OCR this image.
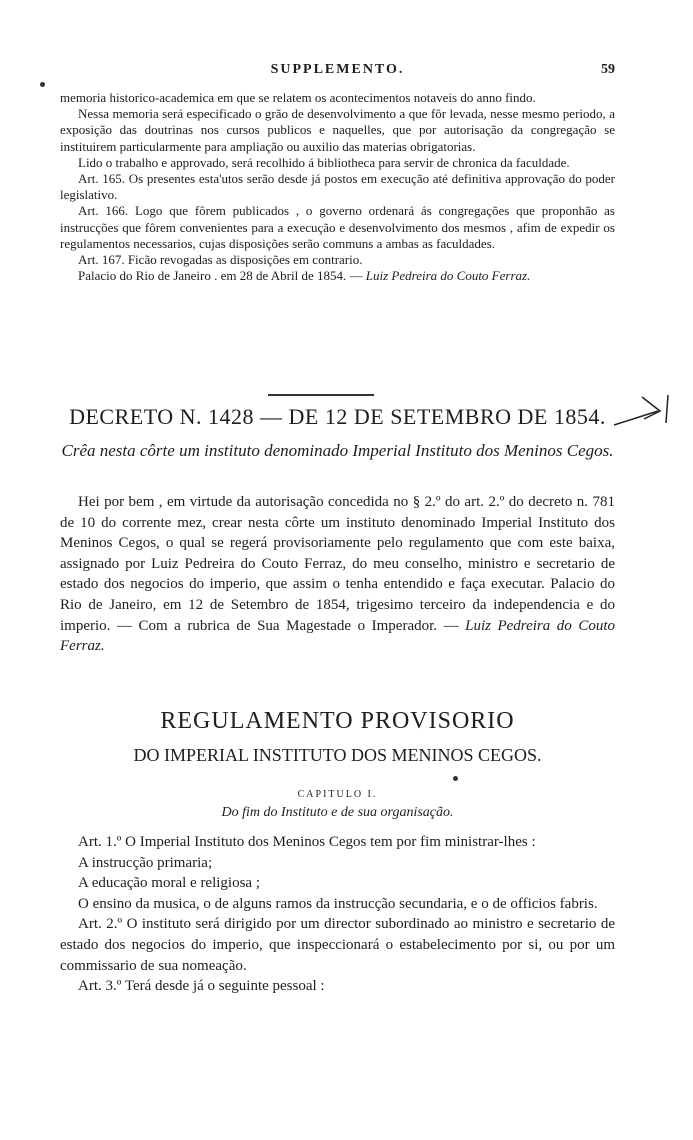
SUPPLEMENTO.	59

memoria historico-academica em que se relatem os acontecimentos notaveis do anno findo.

Nessa memoria será especificado o grão de desenvolvimento a que fôr levada, nesse mesmo periodo, a exposição das doutrinas nos cursos publicos e naquelles, que por autorisação da congregação se instituirem particularmente para ampliação ou auxilio das materias obrigatorias.

Lido o trabalho e approvado, será recolhido á bibliotheca para servir de chronica da faculdade.

Art. 165. Os presentes esta'utos serão desde já postos em execução até definitiva approvação do poder legislativo.

Art. 166. Logo que fôrem publicados , o governo ordenará ás congregações que proponhão as instrucções que fôrem convenientes para a execução e desenvolvimento dos mesmos , afim de expedir os regulamentos necessarios, cujas disposições serão communs a ambas as faculdades.

Art. 167. Ficão revogadas as disposições em contrario.

Palacio do Rio de Janeiro . em 28 de Abril de 1854. — Luiz Pedreira do Couto Ferraz.

DECRETO N. 1428 — DE 12 DE SETEMBRO DE 1854.
Crêa nesta côrte um instituto denominado Imperial Instituto dos Meninos Cegos.

Hei por bem , em virtude da autorisação concedida no § 2.º do art. 2.º do decreto n. 781 de 10 do corrente mez, crear nesta côrte um instituto denominado Imperial Instituto dos Meninos Cegos, o qual se regerá provisoriamente pelo regulamento que com este baixa, assignado por Luiz Pedreira do Couto Ferraz, do meu conselho, ministro e secretario de estado dos negocios do imperio, que assim o tenha entendido e faça executar. Palacio do Rio de Janeiro, em 12 de Setembro de 1854, trigesimo terceiro da independencia e do imperio. — Com a rubrica de Sua Magestade o Imperador. — Luiz Pedreira do Couto Ferraz.

REGULAMENTO PROVISORIO
DO IMPERIAL INSTITUTO DOS MENINOS CEGOS.
CAPITULO I.
Do fim do Instituto e de sua organisação.

Art. 1.º O Imperial Instituto dos Meninos Cegos tem por fim ministrar-lhes :

A instrucção primaria;

A educação moral e religiosa ;

O ensino da musica, o de alguns ramos da instrucção secundaria, e o de officios fabris.

Art. 2.º O instituto será dirigido por um director subordinado ao ministro e secretario de estado dos negocios do imperio, que inspeccionará o estabelecimento por si, ou por um commissario de sua nomeação.

Art. 3.º Terá desde já o seguinte pessoal :
